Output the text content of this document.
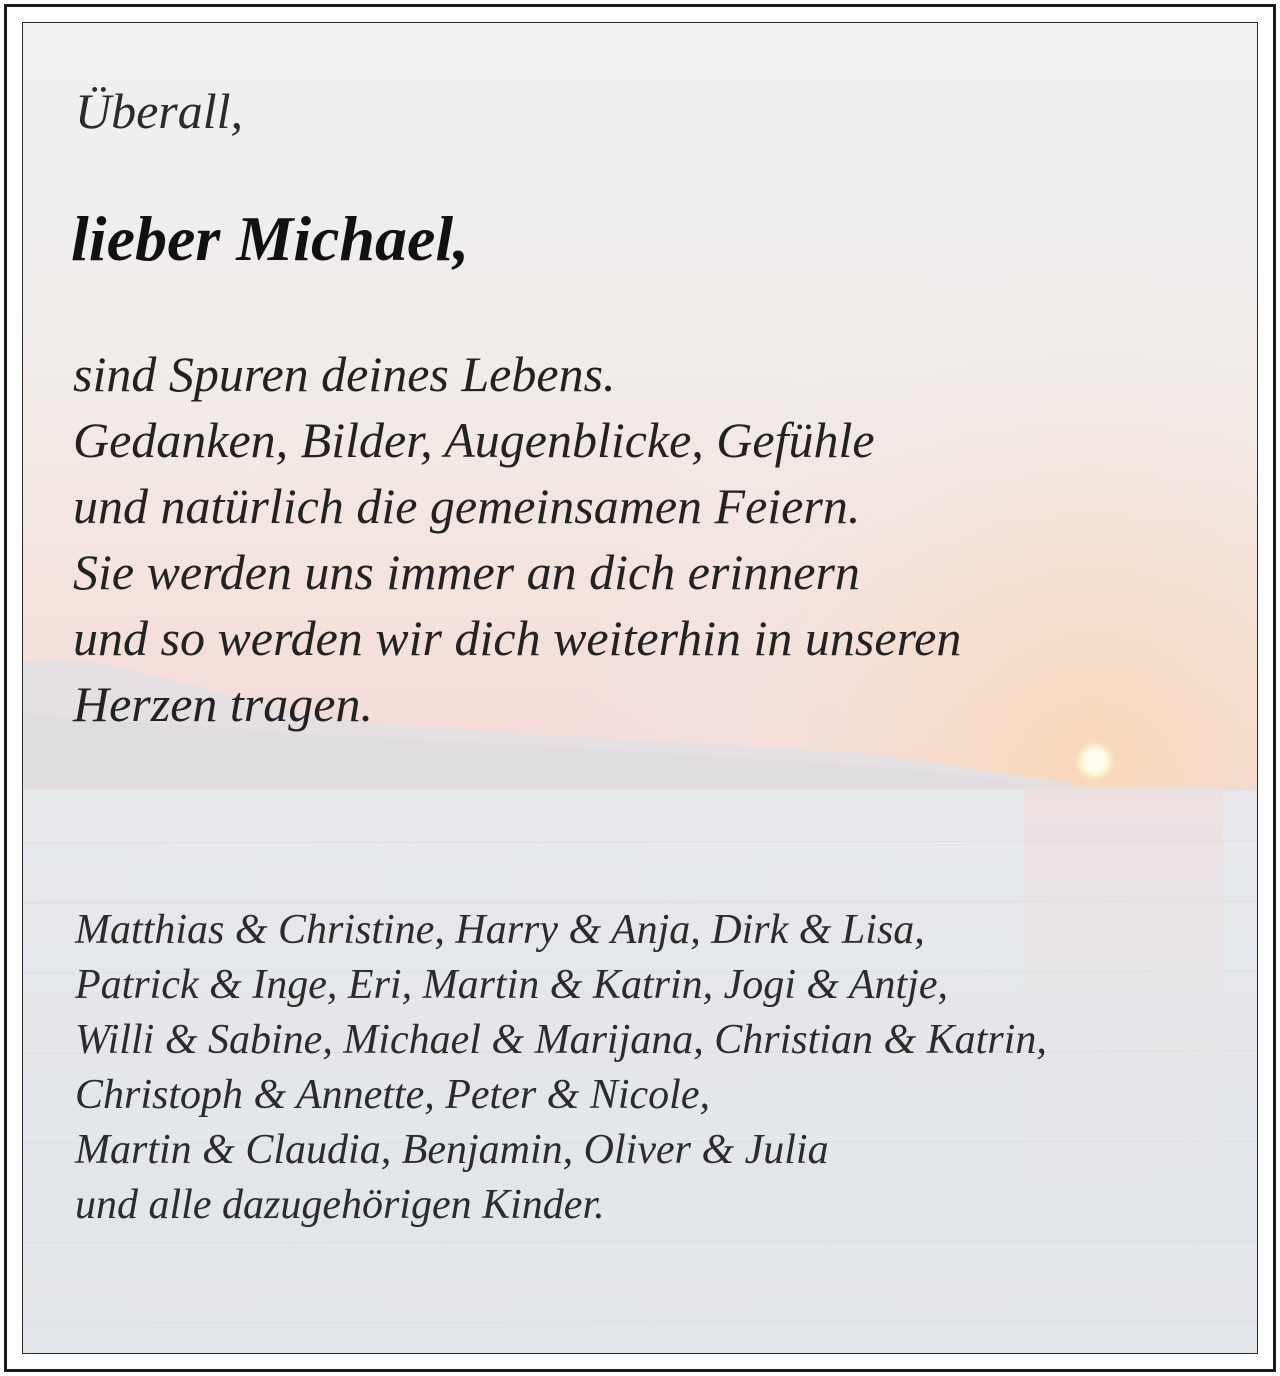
Überall,
lieber Michael,
sind Spuren deines Lebens.
Gedanken, Bilder, Augenblicke, Gefühle
und natürlich die gemeinsamen Feiern.
Sie werden uns immer an dich erinnern
und so werden wir dich weiterhin in unseren
Herzen tragen.
Matthias & Christine, Harry & Anja, Dirk & Lisa,
Patrick & Inge, Eri, Martin & Katrin, Jogi & Antje,
Willi & Sabine, Michael & Marijana, Christian & Katrin,
Christoph & Annette, Peter & Nicole,
Martin & Claudia, Benjamin, Oliver & Julia
und alle dazugehörigen Kinder.
